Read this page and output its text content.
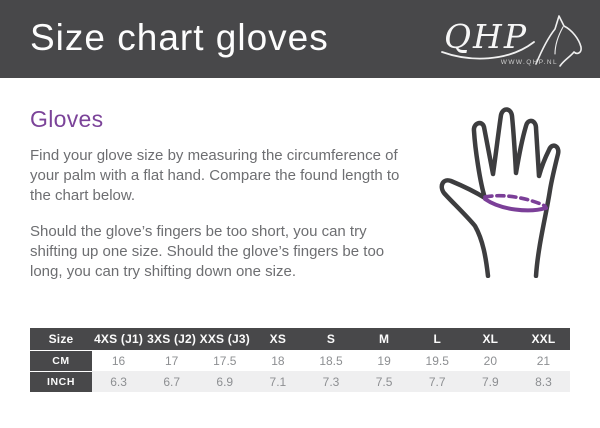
Size chart gloves	QHP
WWW.QHP.NL
Gloves

Find your glove size by measuring the circumference of your palm with a flat hand. Compare the found length to the chart below.

Should the glove’s fingers be too short, you can try shifting up one size. Should the glove’s fingers be too long, you can try shifting down one size.

Size	4XS (J1)	3XS (J2)	XXS (J3)	XS	S	M	L	XL	XXL
CM	16	17	17.5	18	18.5	19	19.5	20	21
INCH	6.3	6.7	6.9	7.1	7.3	7.5	7.7	7.9	8.3
